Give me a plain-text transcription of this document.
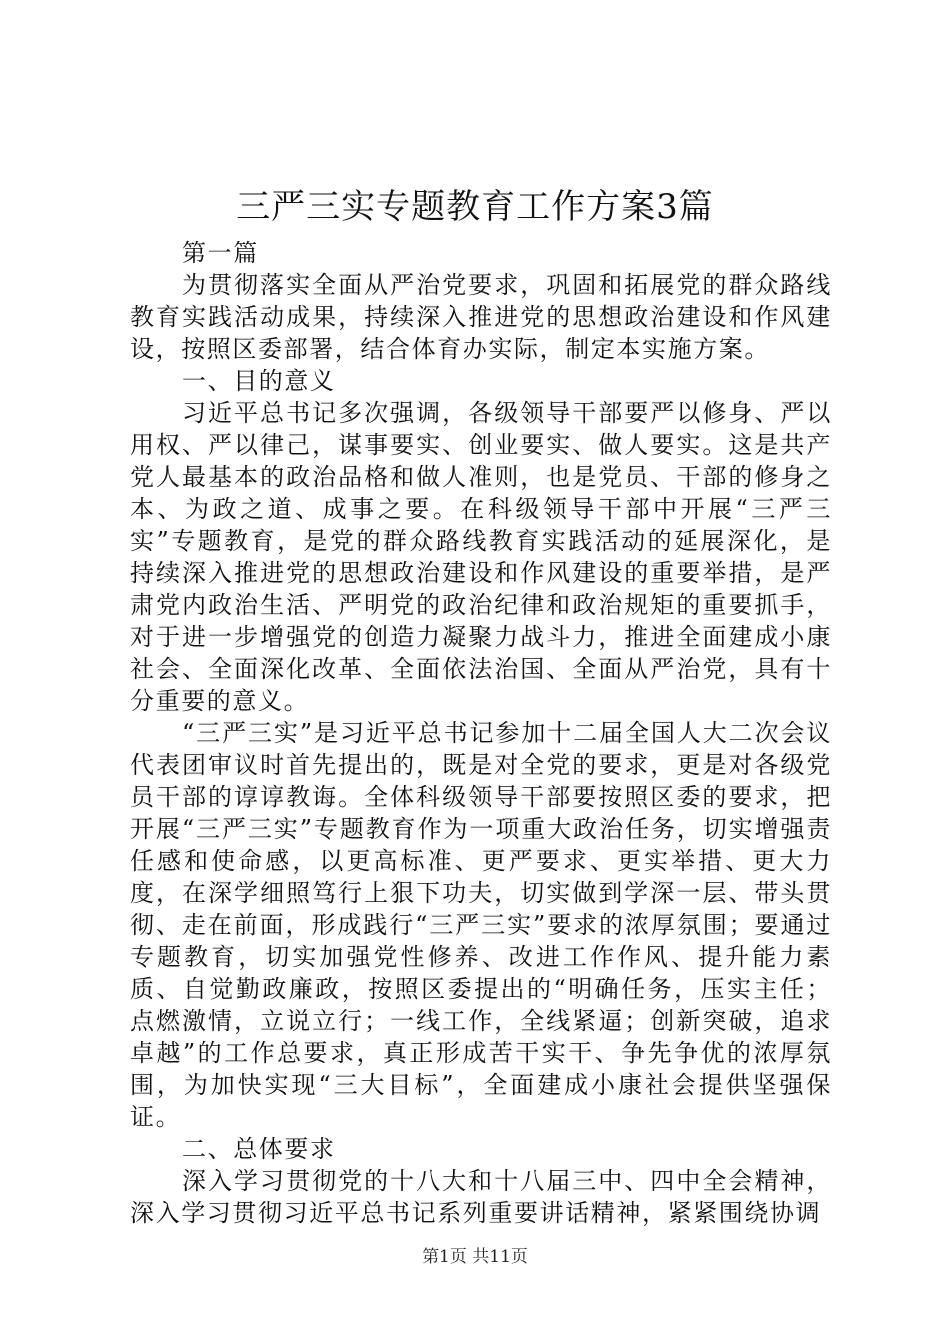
三严三实专题教育工作方案3篇

第一篇

为贯彻落实全面从严治党要求，巩固和拓展党的群众路线教育实践活动成果，持续深入推进党的思想政治建设和作风建设，按照区委部署，结合体育办实际，制定本实施方案。

一、目的意义

习近平总书记多次强调，各级领导干部要严以修身、严以用权、严以律己，谋事要实、创业要实、做人要实。这是共产党人最基本的政治品格和做人准则，也是党员、干部的修身之本、为政之道、成事之要。在科级领导干部中开展“三严三实”专题教育，是党的群众路线教育实践活动的延展深化，是持续深入推进党的思想政治建设和作风建设的重要举措，是严肃党内政治生活、严明党的政治纪律和政治规矩的重要抓手，对于进一步增强党的创造力凝聚力战斗力，推进全面建成小康社会、全面深化改革、全面依法治国、全面从严治党，具有十分重要的意义。

“三严三实”是习近平总书记参加十二届全国人大二次会议代表团审议时首先提出的，既是对全党的要求，更是对各级党员干部的谆谆教诲。全体科级领导干部要按照区委的要求，把开展“三严三实”专题教育作为一项重大政治任务，切实增强责任感和使命感，以更高标准、更严要求、更实举措、更大力度，在深学细照笃行上狠下功夫，切实做到学深一层、带头贯彻、走在前面，形成践行“三严三实”要求的浓厚氛围；要通过专题教育，切实加强党性修养、改进工作作风、提升能力素质、自觉勤政廉政，按照区委提出的“明确任务，压实主任；点燃激情，立说立行；一线工作，全线紧逼；创新突破，追求卓越”的工作总要求，真正形成苦干实干、争先争优的浓厚氛围，为加快实现“三大目标”，全面建成小康社会提供坚强保证。

二、总体要求

深入学习贯彻党的十八大和十八届三中、四中全会精神，深入学习贯彻习近平总书记系列重要讲话精神，紧紧围绕协调

第1页 共11页
